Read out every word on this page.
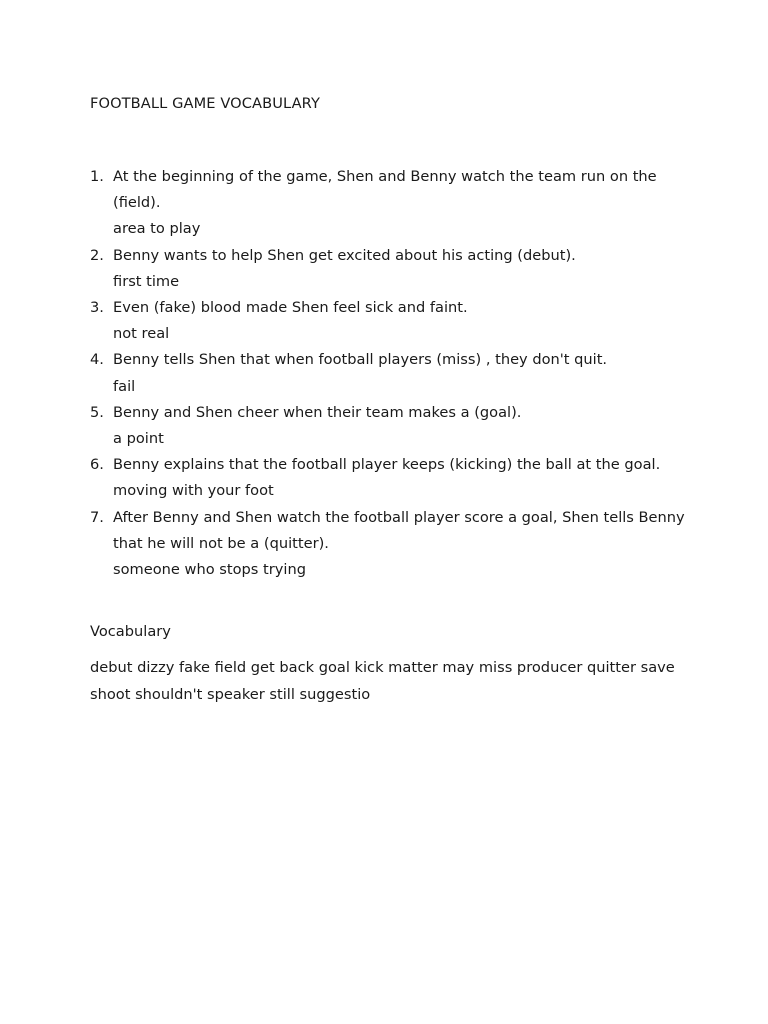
FOOTBALL GAME VOCABULARY
1. At the beginning of the game, Shen and Benny watch the team run on the (field).
area to play
2. Benny wants to help Shen get excited about his acting (debut).
first time
3. Even (fake) blood made Shen feel sick and faint.
not real
4. Benny tells Shen that when football players (miss) , they don't quit.
fail
5. Benny and Shen cheer when their team makes a (goal).
a point
6. Benny explains that the football player keeps (kicking) the ball at the goal.
moving with your foot
7. After Benny and Shen watch the football player score a goal, Shen tells Benny that he will not be a (quitter).
someone who stops trying
Vocabulary

debut dizzy fake field get back goal kick matter may miss producer quitter save shoot shouldn't speaker still suggestio
